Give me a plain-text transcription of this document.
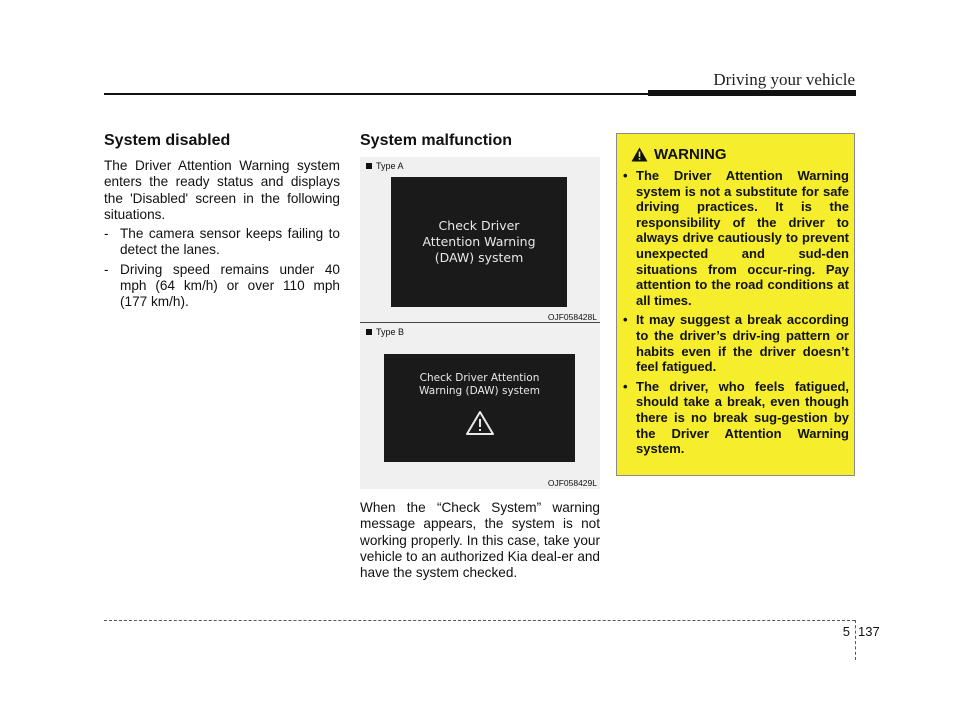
Driving your vehicle
System disabled
The Driver Attention Warning system enters the ready status and displays the 'Disabled' screen in the following situations.
- The camera sensor keeps failing to detect the lanes.
- Driving speed remains under 40 mph (64 km/h) or over 110 mph (177 km/h).
System malfunction
Type A
Check Driver
Attention Warning
(DAW) system
OJF058428L
Type B
Check Driver Attention
Warning (DAW) system
OJF058429L
When the “Check System” warning message appears, the system is not working properly. In this case, take your vehicle to an authorized Kia deal-er and have the system checked.
WARNING
• The Driver Attention Warning system is not a substitute for safe driving practices. It is the responsibility of the driver to always drive cautiously to prevent unexpected and sud-den situations from occur-ring. Pay attention to the road conditions at all times.
• It may suggest a break according to the driver’s driv-ing pattern or habits even if the driver doesn’t feel fatigued.
• The driver, who feels fatigued, should take a break, even though there is no break sug-gestion by the Driver Attention Warning system.
5 137
